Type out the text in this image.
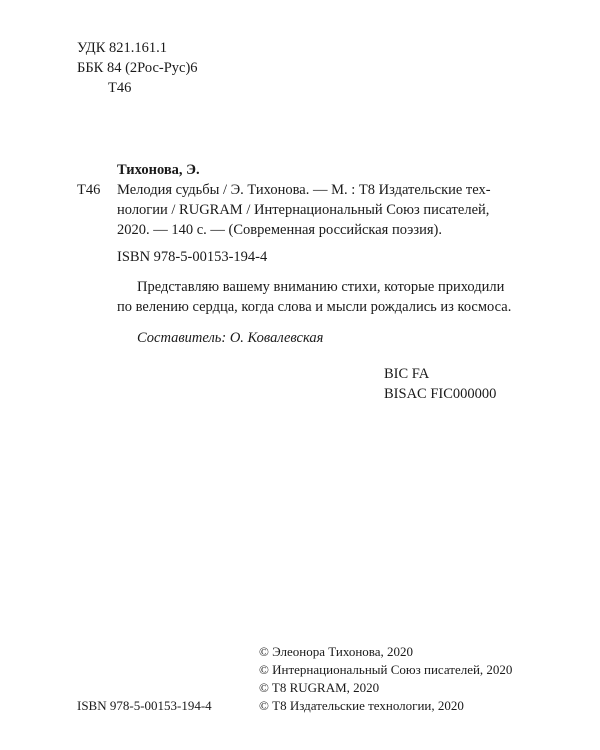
УДК 821.161.1
ББК 84 (2Рос-Рус)6
Т46
Тихонова, Э.
Т46 Мелодия судьбы / Э. Тихонова. — М. : Т8 Издательские тех-
нологии / RUGRAM / Интернациональный Союз писателей,
2020. — 140 с. — (Современная российская поэзия).
ISBN 978-5-00153-194-4
Представляю вашему вниманию стихи, которые приходили
по велению сердца, когда слова и мысли рождались из космоса.
Составитель: О. Ковалевская
BIC FA
BISAC FIC000000
© Элеонора Тихонова, 2020
© Интернациональный Союз писателей, 2020
© T8 RUGRAM, 2020
© Т8 Издательские технологии, 2020
ISBN 978-5-00153-194-4
